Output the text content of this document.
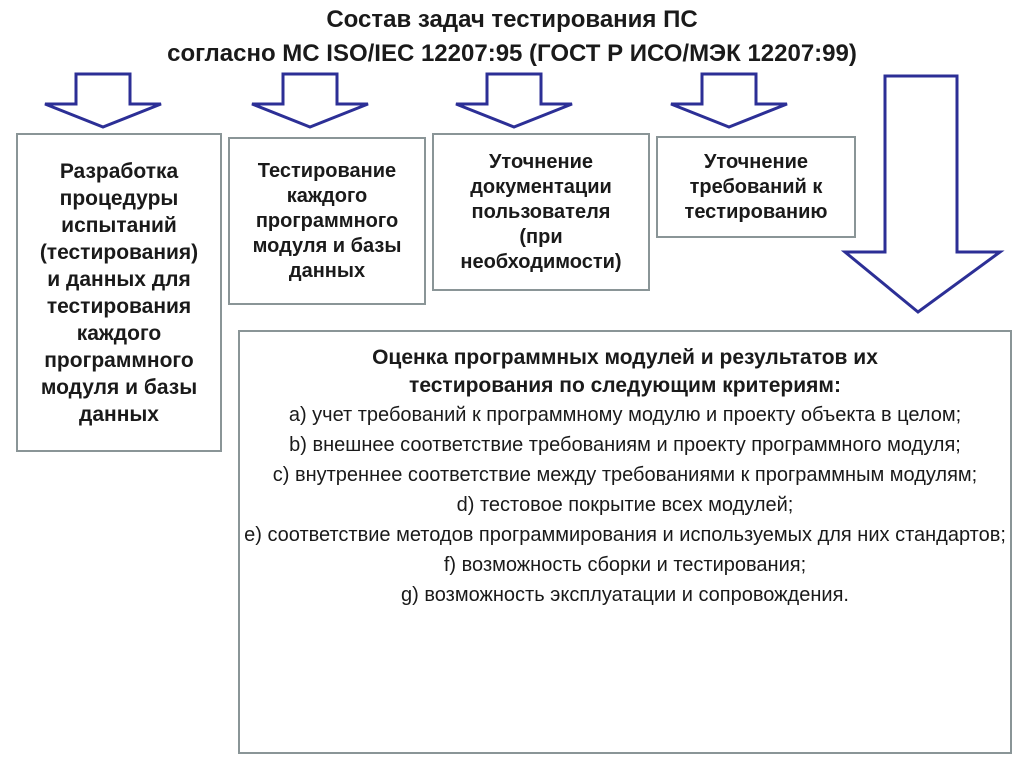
Состав задач тестирования ПС
согласно МС ISO/IEC 12207:95 (ГОСТ Р ИСО/МЭК 12207:99)
Разработка
процедуры
испытаний
(тестирования)
и данных для
тестирования
каждого
программного
модуля и базы
данных
Тестирование
каждого
программного
модуля и базы
данных
Уточнение
документации
пользователя
(при
необходимости)
Уточнение
требований к
тестированию
Оценка программных модулей и результатов их
тестирования по следующим критериям:
а) учет требований к программному модулю и проекту объекта в целом;
b) внешнее соответствие требованиям и проекту программного модуля;
c) внутреннее соответствие между требованиями к программным модулям;
d) тестовое покрытие всех модулей;
e) соответствие методов программирования и используемых для них стандартов;
f) возможность сборки и тестирования;
g) возможность эксплуатации и сопровождения.
